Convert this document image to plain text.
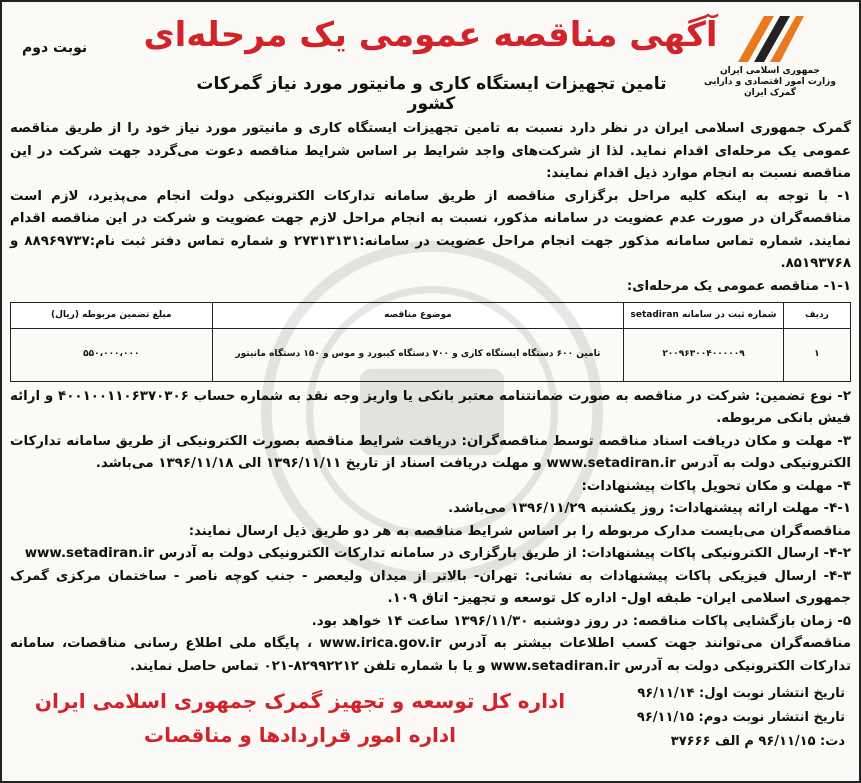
جمهوری اسلامی ایران
وزارت امور اقتصادی و دارایی
گمرک ایران
آگهی مناقصه عمومی یک مرحله‌ای
نوبت دوم
تامین تجهیزات ایستگاه کاری و مانیتور مورد نیاز گمرکات کشور

گمرک جمهوری اسلامی ایران در نظر دارد نسبت به تامین تجهیزات ایستگاه کاری و مانیتور مورد نیاز خود را از طریق مناقصه عمومی یک مرحله‌ای اقدام نماید. لذا از شرکت‌های واجد شرایط بر اساس شرایط مناقصه دعوت می‌گردد جهت شرکت در این مناقصه نسبت به انجام موارد ذیل اقدام نمایند:

۱- با توجه به اینکه کلیه مراحل برگزاری مناقصه از طریق سامانه تدارکات الکترونیکی دولت انجام می‌پذیرد، لازم است مناقصه‌گران در صورت عدم عضویت در سامانه مذکور، نسبت به انجام مراحل لازم جهت عضویت و شرکت در این مناقصه اقدام نمایند. شماره تماس سامانه مذکور جهت انجام مراحل عضویت در سامانه:۲۷۳۱۳۱۳۱ و شماره تماس دفتر ثبت نام:۸۸۹۶۹۷۳۷ و ۸۵۱۹۳۷۶۸.

۱-۱- مناقصه عمومی یک مرحله‌ای:

ردیف	شماره ثبت در سامانه setadiran	موضوع مناقصه	مبلغ تضمین مربوطه (ریال)
۱	۲۰۰۹۶۳۰۰۴۰۰۰۰۰۹	تامین ۶۰۰ دستگاه ایستگاه کاری و ۷۰۰ دستگاه کیبورد و موس و ۱۵۰ دستگاه مانیتور	۵۵۰،۰۰۰،۰۰۰

۲- نوع تضمین: شرکت در مناقصه به صورت ضمانتنامه معتبر بانکی یا واریز وجه نقد به شماره حساب ۴۰۰۱۰۰۱۱۰۶۳۷۰۳۰۶ و ارائه فیش بانکی مربوطه.

۳- مهلت و مکان دریافت اسناد مناقصه توسط مناقصه‌گران: دریافت شرایط مناقصه بصورت الکترونیکی از طریق سامانه تدارکات الکترونیکی دولت به آدرس www.setadiran.ir و مهلت دریافت اسناد از تاریخ ۱۳۹۶/۱۱/۱۱ الی ۱۳۹۶/۱۱/۱۸ می‌باشد.

۴- مهلت و مکان تحویل پاکات پیشنهادات:

۴-۱- مهلت ارائه پیشنهادات: روز یکشنبه ۱۳۹۶/۱۱/۲۹ می‌باشد.

مناقصه‌گران می‌بایست مدارک مربوطه را بر اساس شرایط مناقصه به هر دو طریق ذیل ارسال نمایند:

۴-۲- ارسال الکترونیکی پاکات پیشنهادات: از طریق بارگزاری در سامانه تدارکات الکترونیکی دولت به آدرس www.setadiran.ir

۴-۳- ارسال فیزیکی پاکات پیشنهادات به نشانی: تهران- بالاتر از میدان ولیعصر - جنب کوچه ناصر - ساختمان مرکزی گمرک جمهوری اسلامی ایران- طبقه اول- اداره کل توسعه و تجهیز- اتاق ۱۰۹.

۵- زمان بازگشایی پاکات مناقصه: در روز دوشنبه ۱۳۹۶/۱۱/۳۰ ساعت ۱۴ خواهد بود.

مناقصه‌گران می‌توانند جهت کسب اطلاعات بیشتر به آدرس www.irica.gov.ir ، پایگاه ملی اطلاع رسانی مناقصات، سامانه تدارکات الکترونیکی دولت به آدرس www.setadiran.ir و یا با شماره تلفن ۸۲۹۹۲۲۱۲-۰۲۱ تماس حاصل نمایند.

تاریخ انتشار نوبت اول: ۹۶/۱۱/۱۴
تاریخ انتشار نوبت دوم: ۹۶/۱۱/۱۵
دت: ۹۶/۱۱/۱۵ م الف ۳۷۶۶۶
اداره کل توسعه و تجهیز گمرک جمهوری اسلامی ایران
اداره امور قراردادها و مناقصات
